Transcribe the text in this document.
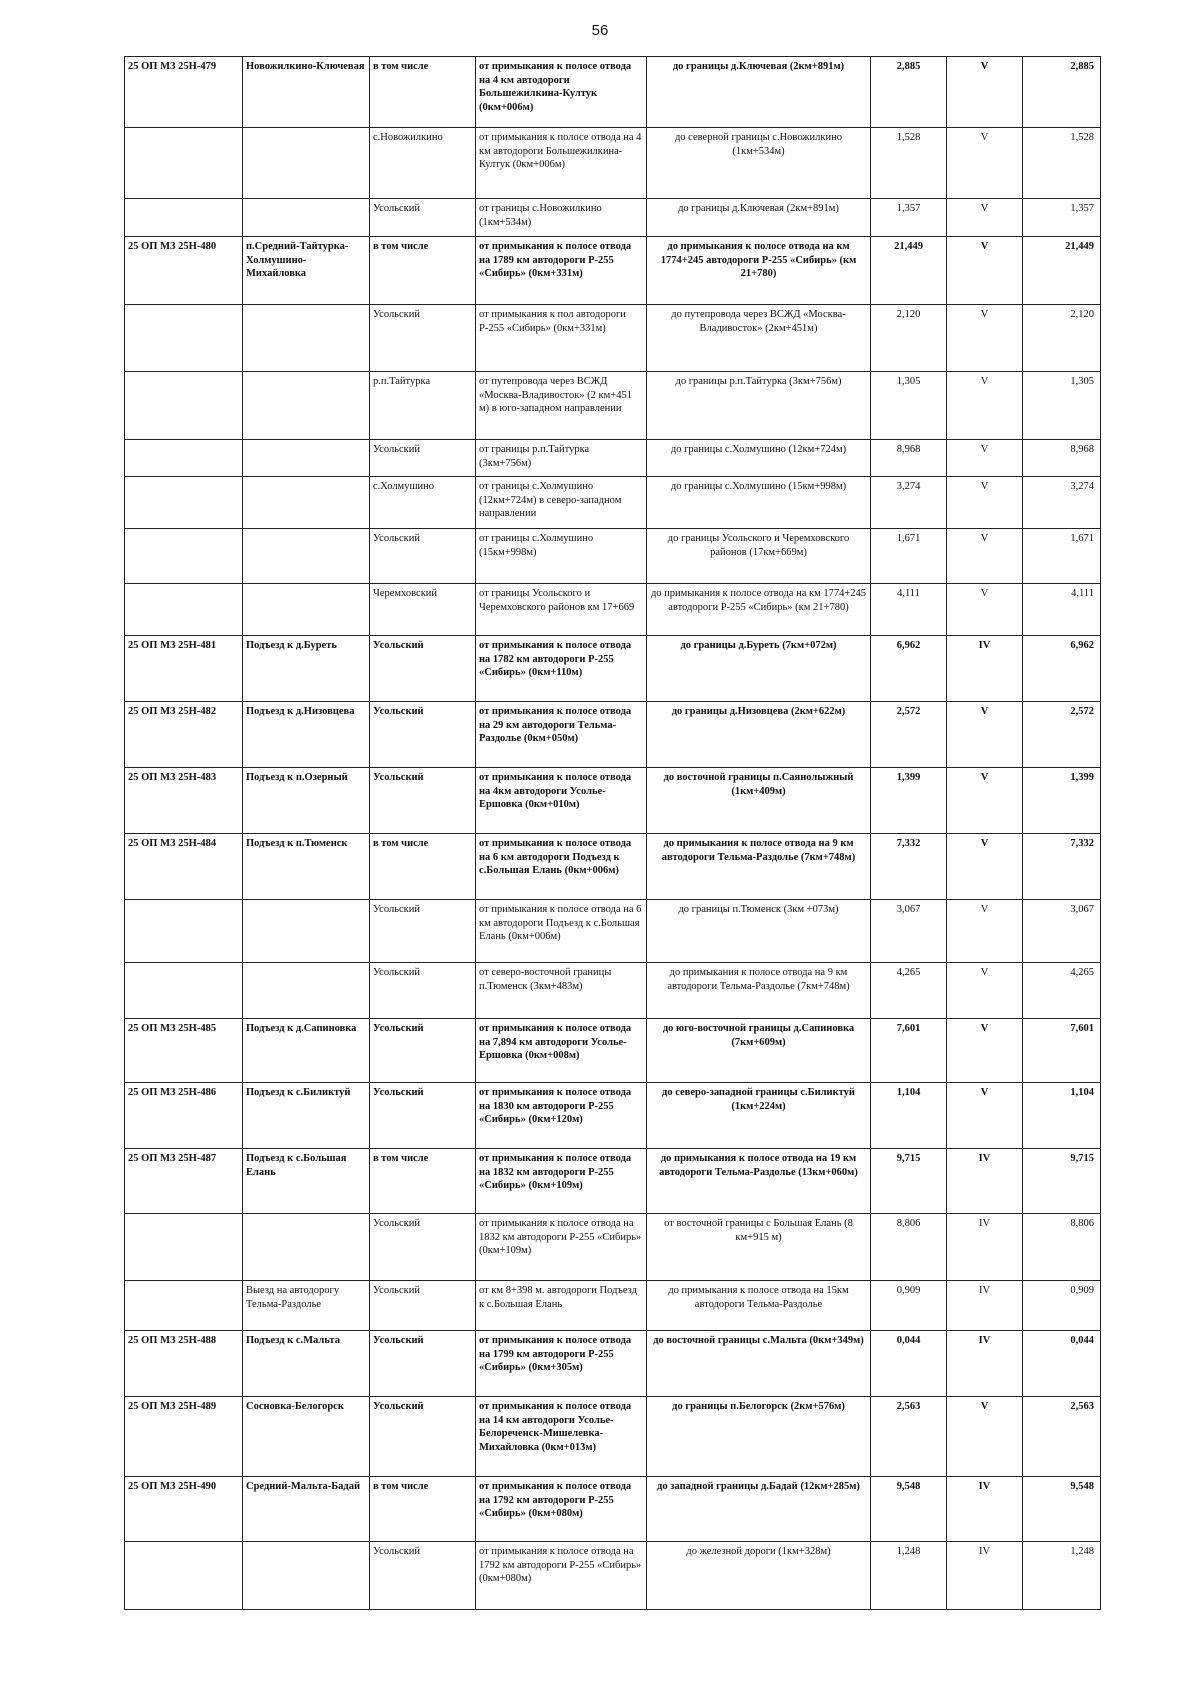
56
25 ОП МЗ 25Н-479	Новожилкино-Ключевая	в том числе	от примыкания к полосе отвода на 4 км автодороги Большежилкина-Култук (0км+006м)	до границы д.Ключевая (2км+891м)	2,885	V	2,885
		с.Новожилкино	от примыкания к полосе отвода на 4 км автодороги Большежилкина-Култук (0км+006м)	до северной границы с.Новожилкино (1км+534м)	1,528	V	1,528
		Усольский	от границы с.Новожилкино (1км+534м)	до границы д.Ключевая (2км+891м)	1,357	V	1,357
25 ОП МЗ 25Н-480	п.Средний-Тайтурка-Холмушино-Михайловка	в том числе	от примыкания к полосе отвода на 1789 км автодороги Р-255 «Сибирь» (0км+331м)	до примыкания к полосе отвода на км 1774+245 автодороги Р-255 «Сибирь» (км 21+780)	21,449	V	21,449
		Усольский	от примыкания к пол автодороги Р-255 «Сибирь» (0км+331м)	до путепровода через ВСЖД «Москва-Владивосток» (2км+451м)	2,120	V	2,120
		р.п.Тайтурка	от путепровода через ВСЖД «Москва-Владивосток» (2 км+451 м) в юго-западном направлении	до границы р.п.Тайтурка (3км+756м)	1,305	V	1,305
		Усольский	от границы р.п.Тайтурка (3км+756м)	до границы с.Холмушино (12км+724м)	8,968	V	8,968
		с.Холмушино	от границы с.Холмушино (12км+724м) в северо-западном направлении	до границы с.Холмушино (15км+998м)	3,274	V	3,274
		Усольский	от границы с.Холмушино (15км+998м)	до границы Усольского и Черемховского районов (17км+669м)	1,671	V	1,671
		Черемховский	от границы Усольского и Черемховского районов км 17+669	до примыкания к полосе отвода на км 1774+245 автодороги Р-255 «Сибирь» (км 21+780)	4,111	V	4,111
25 ОП МЗ 25Н-481	Подъезд к д.Буреть	Усольский	от примыкания к полосе отвода на 1782 км автодороги Р-255 «Сибирь» (0км+110м)	до границы д.Буреть (7км+072м)	6,962	IV	6,962
25 ОП МЗ 25Н-482	Подъезд к д.Низовцева	Усольский	от примыкания к полосе отвода на 29 км автодороги Тельма-Раздолье (0км+050м)	до границы д.Низовцева (2км+622м)	2,572	V	2,572
25 ОП МЗ 25Н-483	Подъезд к п.Озерный	Усольский	от примыкания к полосе отвода на 4км автодороги Усолье-Ершовка (0км+010м)	до восточной границы п.Саянолыжный (1км+409м)	1,399	V	1,399
25 ОП МЗ 25Н-484	Подъезд к п.Тюменск	в том числе	от примыкания к полосе отвода на 6 км автодороги Подъезд к с.Большая Елань (0км+006м)	до примыкания к полосе отвода на 9 км автодороги Тельма-Раздолье (7км+748м)	7,332	V	7,332
		Усольский	от примыкания к полосе отвода на 6 км автодороги Подъезд к с.Большая Елань (0км+006м)	до границы п.Тюменск (3км +073м)	3,067	V	3,067
		Усольский	от северо-восточной границы п.Тюменск (3км+483м)	до примыкания к полосе отвода на 9 км автодороги Тельма-Раздолье (7км+748м)	4,265	V	4,265
25 ОП МЗ 25Н-485	Подъезд к д.Сапиновка	Усольский	от примыкания к полосе отвода на 7,894 км автодороги Усолье-Ершовка (0км+008м)	до юго-восточной границы д.Сапиновка (7км+609м)	7,601	V	7,601
25 ОП МЗ 25Н-486	Подъезд к с.Биликтуй	Усольский	от примыкания к полосе отвода на 1830 км автодороги Р-255 «Сибирь» (0км+120м)	до северо-западной границы с.Биликтуй (1км+224м)	1,104	V	1,104
25 ОП МЗ 25Н-487	Подъезд к с.Большая Елань	в том числе	от примыкания к полосе отвода на 1832 км автодороги Р-255 «Сибирь» (0км+109м)	до примыкания к полосе отвода на 19 км автодороги Тельма-Раздолье (13км+060м)	9,715	IV	9,715
		Усольский	от примыкания к полосе отвода на 1832 км автодороги Р-255 «Сибирь» (0км+109м)	от восточной границы с Большая Елань (8 км+915 м)	8,806	IV	8,806
	Выезд на автодорогу Тельма-Раздолье	Усольский	от км 8+398 м. автодороги Подъезд к с.Большая Елань	до примыкания к полосе отвода на 15км автодороги Тельма-Раздолье	0,909	IV	0,909
25 ОП МЗ 25Н-488	Подъезд к с.Мальта	Усольский	от примыкания к полосе отвода на 1799 км автодороги Р-255 «Сибирь» (0км+305м)	до восточной границы с.Мальта (0км+349м)	0,044	IV	0,044
25 ОП МЗ 25Н-489	Сосновка-Белогорск	Усольский	от примыкания к полосе отвода на 14 км автодороги Усолье-Белореченск-Мишелевка-Михайловка (0км+013м)	до границы п.Белогорск (2км+576м)	2,563	V	2,563
25 ОП МЗ 25Н-490	Средний-Мальта-Бадай	в том числе	от примыкания к полосе отвода на 1792 км автодороги Р-255 «Сибирь» (0км+080м)	до западной границы д.Бадай (12км+285м)	9,548	IV	9,548
		Усольский	от примыкания к полосе отвода на 1792 км автодороги Р-255 «Сибирь» (0км+080м)	до железной дороги (1км+328м)	1,248	IV	1,248
